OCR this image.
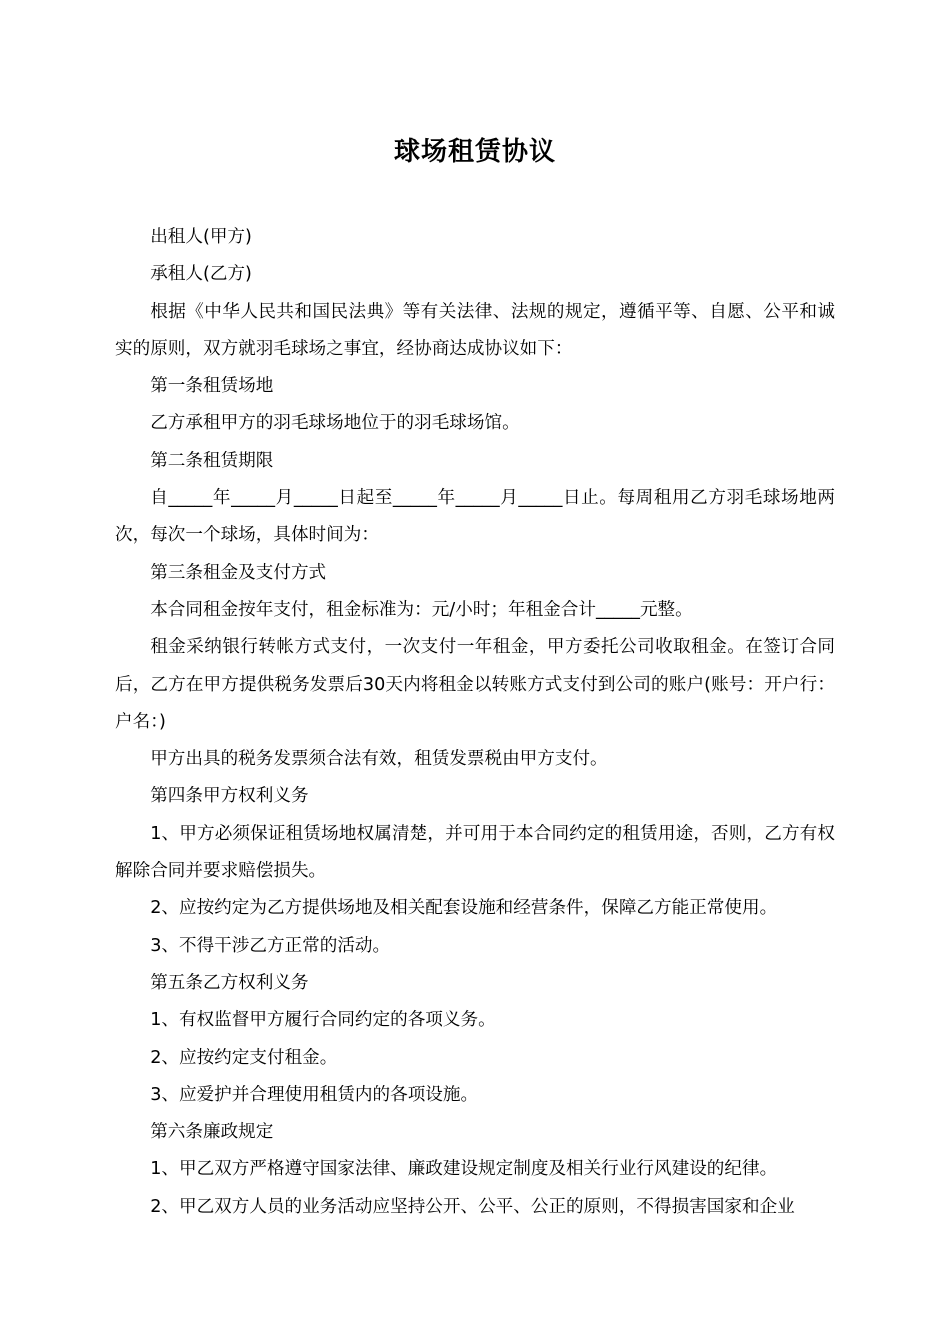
球场租赁协议

出租人(甲方)

承租人(乙方)

根据《中华人民共和国民法典》等有关法律、法规的规定，遵循平等、自愿、公平和诚实的原则，双方就羽毛球场之事宜，经协商达成协议如下：

第一条租赁场地

乙方承租甲方的羽毛球场地位于的羽毛球场馆。

第二条租赁期限

自_____年_____月_____日起至_____年_____月_____日止。每周租用乙方羽毛球场地两次，每次一个球场，具体时间为：

第三条租金及支付方式

本合同租金按年支付，租金标准为：元/小时；年租金合计_____元整。

租金采纳银行转帐方式支付，一次支付一年租金，甲方委托公司收取租金。在签订合同后，乙方在甲方提供税务发票后30天内将租金以转账方式支付到公司的账户(账号：开户行：户名：)

甲方出具的税务发票须合法有效，租赁发票税由甲方支付。

第四条甲方权利义务

1、甲方必须保证租赁场地权属清楚，并可用于本合同约定的租赁用途，否则，乙方有权解除合同并要求赔偿损失。

2、应按约定为乙方提供场地及相关配套设施和经营条件，保障乙方能正常使用。

3、不得干涉乙方正常的活动。

第五条乙方权利义务

1、有权监督甲方履行合同约定的各项义务。

2、应按约定支付租金。

3、应爱护并合理使用租赁内的各项设施。

第六条廉政规定

1、甲乙双方严格遵守国家法律、廉政建设规定制度及相关行业行风建设的纪律。

2、甲乙双方人员的业务活动应坚持公开、公平、公正的原则，不得损害国家和企业
